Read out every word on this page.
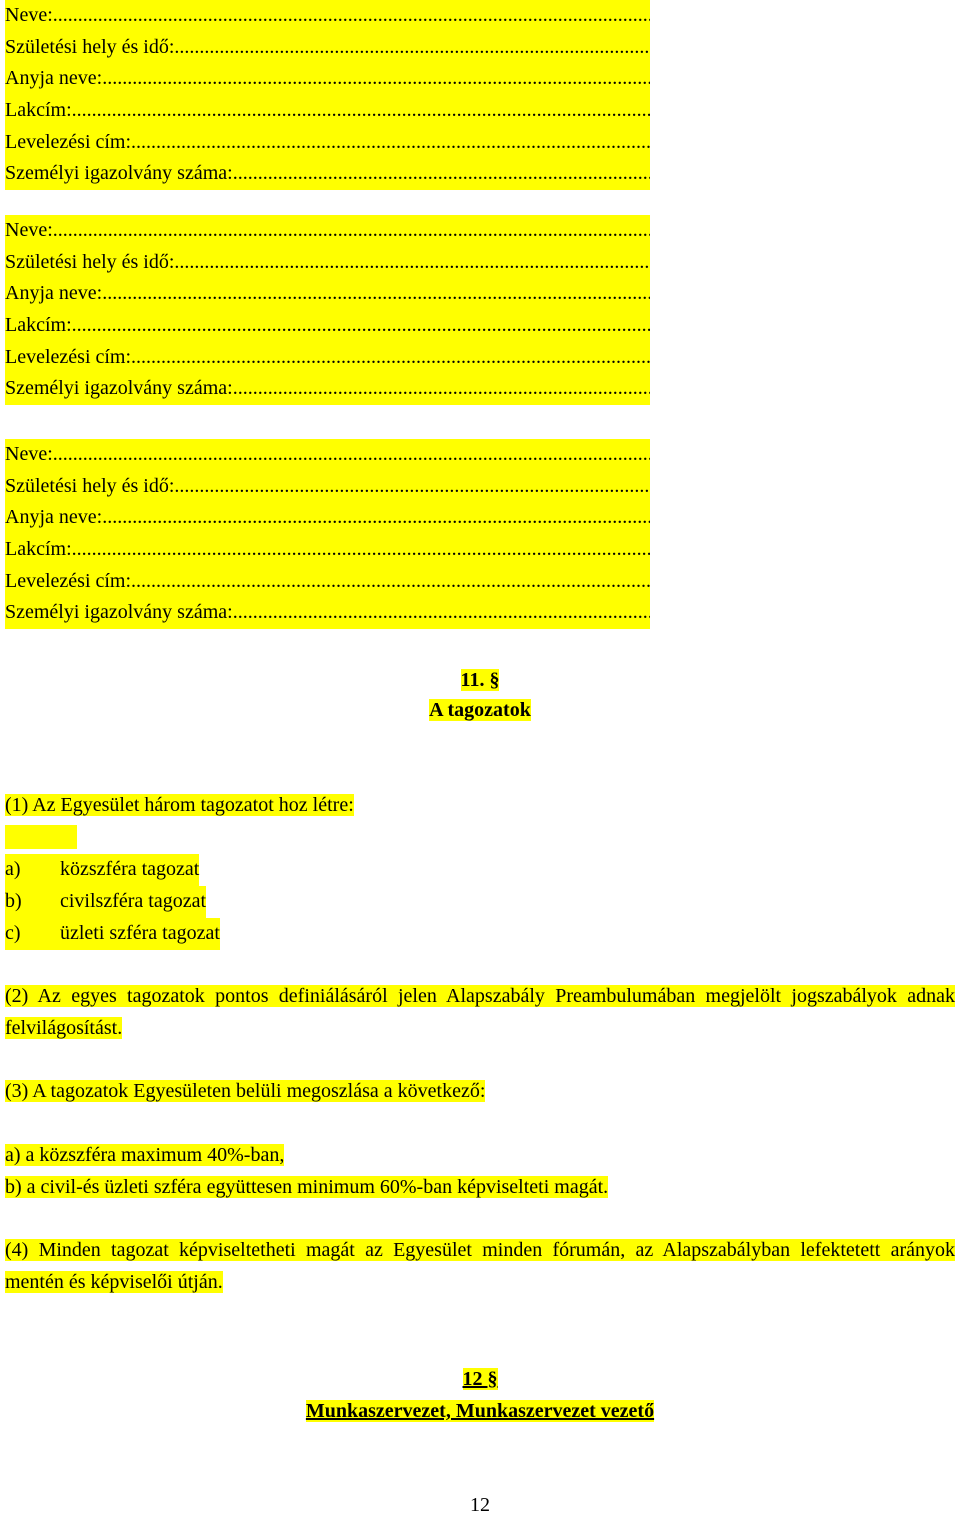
Neve:
.....
Születési hely és idő:
.....
Anyja neve:
.....
Lakcím:
.....
Levelezési cím:
.....
Személyi igazolvány száma:
.....
Neve:
.....
Születési hely és idő:
.....
Anyja neve:
.....
Lakcím:
.....
Levelezési cím:
.....
Személyi igazolvány száma:
.....
Neve:
.....
Születési hely és idő:
.....
Anyja neve:
.....
Lakcím:
.....
Levelezési cím:
.....
Személyi igazolvány száma:
.....
11. §
A tagozatok
(1) Az Egyesület három tagozatot hoz létre:
a) közszféra tagozat
b) civilszféra tagozat
c) üzleti szféra tagozat
(2) Az egyes tagozatok pontos definiálásáról jelen Alapszabály Preambulumában megjelölt jogszabályok adnak felvilágosítást.
(3) A tagozatok Egyesületen belüli megoszlása a következő:
a) a közszféra maximum 40%-ban,
b) a civil-és üzleti szféra együttesen minimum 60%-ban képviselteti magát.
(4) Minden tagozat képviseltetheti magát az Egyesület minden fórumán, az Alapszabályban lefektetett arányok mentén és képviselői útján.
12 §
Munkaszervezet, Munkaszervezet vezető
12
